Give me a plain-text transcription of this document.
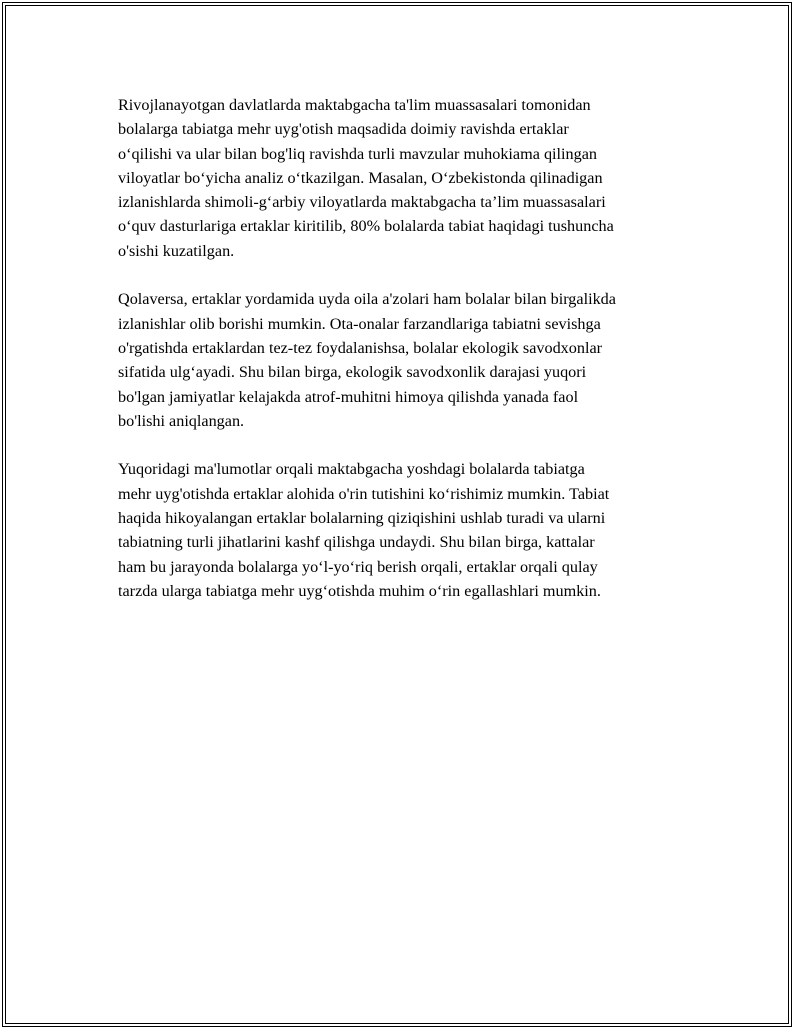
Rivojlanayotgan davlatlarda maktabgacha ta'lim muassasalari tomonidan
bolalarga tabiatga mehr uyg'otish maqsadida doimiy ravishda ertaklar
o‘qilishi va ular bilan bog'liq ravishda turli mavzular muhokiama qilingan
viloyatlar bo‘yicha analiz o‘tkazilgan. Masalan, O‘zbekistonda qilinadigan
izlanishlarda shimoli-g‘arbiy viloyatlarda maktabgacha ta’lim muassasalari
o‘quv dasturlariga ertaklar kiritilib, 80% bolalarda tabiat haqidagi tushuncha
o'sishi kuzatilgan.

Qolaversa, ertaklar yordamida uyda oila a'zolari ham bolalar bilan birgalikda
izlanishlar olib borishi mumkin. Ota-onalar farzandlariga tabiatni sevishga
o'rgatishda ertaklardan tez-tez foydalanishsa, bolalar ekologik savodxonlar
sifatida ulg‘ayadi. Shu bilan birga, ekologik savodxonlik darajasi yuqori
bo'lgan jamiyatlar kelajakda atrof-muhitni himoya qilishda yanada faol
bo'lishi aniqlangan.

Yuqoridagi ma'lumotlar orqali maktabgacha yoshdagi bolalarda tabiatga
mehr uyg'otishda ertaklar alohida o'rin tutishini ko‘rishimiz mumkin. Tabiat
haqida hikoyalangan ertaklar bolalarning qiziqishini ushlab turadi va ularni
tabiatning turli jihatlarini kashf qilishga undaydi. Shu bilan birga, kattalar
ham bu jarayonda bolalarga yo‘l-yo‘riq berish orqali, ertaklar orqali qulay
tarzda ularga tabiatga mehr uyg‘otishda muhim o‘rin egallashlari mumkin.
